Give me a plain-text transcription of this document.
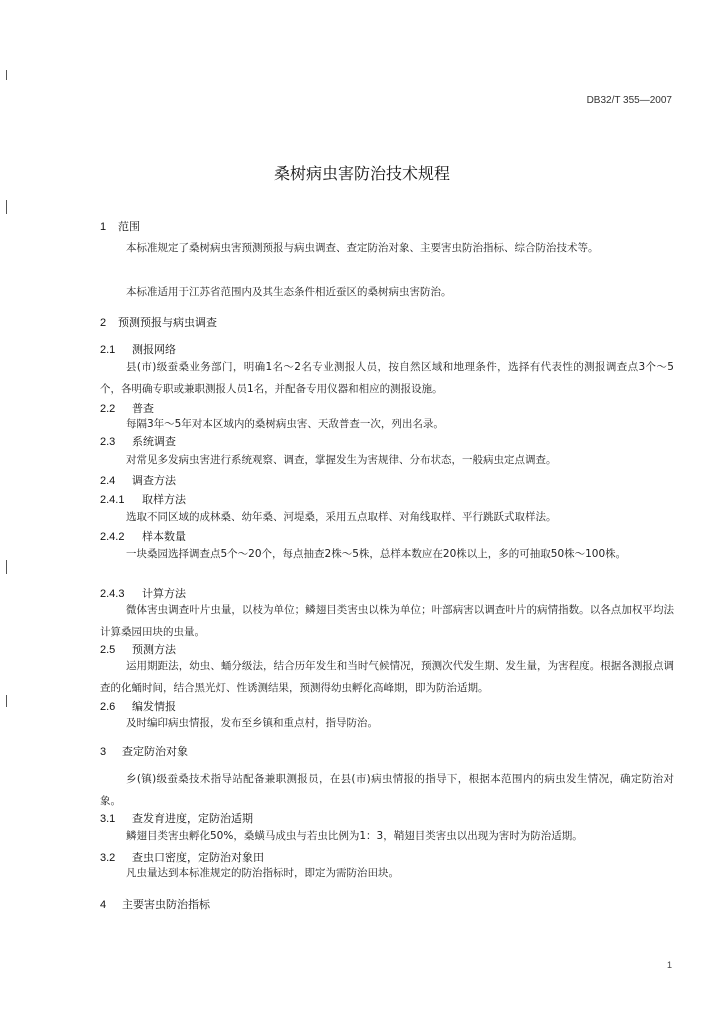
DB32/T 355—2007
桑树病虫害防治技术规程
1 范围
本标准规定了桑树病虫害预测预报与病虫调查、查定防治对象、主要害虫防治指标、综合防治技术等。
本标准适用于江苏省范围内及其生态条件相近蚕区的桑树病虫害防治。
2 预测预报与病虫调查
2.1 测报网络
县(市)级蚕桑业务部门，明确1名～2名专业测报人员，按自然区域和地理条件，选择有代表性的测报调查点3个～5个，各明确专职或兼职测报人员1名，并配备专用仪器和相应的测报设施。
2.2 普查
每隔3年～5年对本区域内的桑树病虫害、天敌普查一次，列出名录。
2.3 系统调查
对常见多发病虫害进行系统观察、调查，掌握发生为害规律、分布状态，一般病虫定点调查。
2.4 调查方法
2.4.1 取样方法
选取不同区域的成林桑、幼年桑、河堤桑，采用五点取样、对角线取样、平行跳跃式取样法。
2.4.2 样本数量
一块桑园选择调查点5个～20个，每点抽查2株～5株，总样本数应在20株以上，多的可抽取50株～100株。
2.4.3 计算方法
微体害虫调查叶片虫量，以枝为单位；鳞翅目类害虫以株为单位；叶部病害以调查叶片的病情指数。以各点加权平均法计算桑园田块的虫量。
2.5 预测方法
运用期距法，幼虫、蛹分级法，结合历年发生和当时气候情况，预测次代发生期、发生量，为害程度。根据各测报点调查的化蛹时间，结合黑光灯、性诱测结果，预测得幼虫孵化高峰期，即为防治适期。
2.6 编发情报
及时编印病虫情报，发布至乡镇和重点村，指导防治。
3 查定防治对象
乡(镇)级蚕桑技术指导站配备兼职测报员，在县(市)病虫情报的指导下，根据本范围内的病虫发生情况，确定防治对象。
3.1 查发育进度，定防治适期
鳞翅目类害虫孵化50%，桑蟥马成虫与若虫比例为1：3，鞘翅目类害虫以出现为害时为防治适期。
3.2 查虫口密度，定防治对象田
凡虫量达到本标准规定的防治指标时，即定为需防治田块。
4 主要害虫防治指标
1
